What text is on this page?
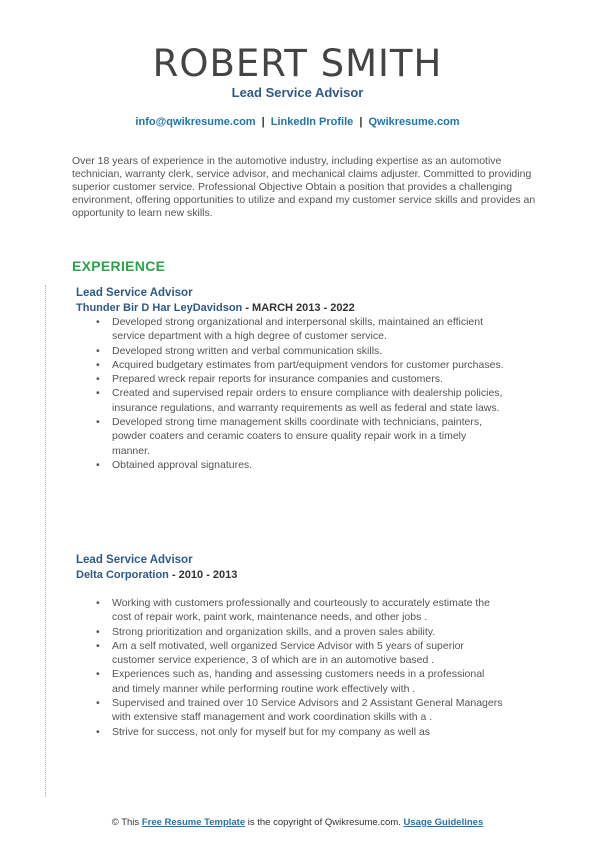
ROBERT SMITH
Lead Service Advisor
info@qwikresume.com | LinkedIn Profile | Qwikresume.com
Over 18 years of experience in the automotive industry, including expertise as an automotive technician, warranty clerk, service advisor, and mechanical claims adjuster. Committed to providing superior customer service. Professional Objective Obtain a position that provides a challenging environment, offering opportunities to utilize and expand my customer service skills and provides an opportunity to learn new skills.
EXPERIENCE
Lead Service Advisor
Thunder Bir D Har LeyDavidson - MARCH 2013 - 2022
• Developed strong organizational and interpersonal skills, maintained an efficient service department with a high degree of customer service.
• Developed strong written and verbal communication skills.
• Acquired budgetary estimates from part/equipment vendors for customer purchases.
• Prepared wreck repair reports for insurance companies and customers.
• Created and supervised repair orders to ensure compliance with dealership policies, insurance regulations, and warranty requirements as well as federal and state laws.
• Developed strong time management skills coordinate with technicians, painters, powder coaters and ceramic coaters to ensure quality repair work in a timely manner.
• Obtained approval signatures.
Lead Service Advisor
Delta Corporation - 2010 - 2013
• Working with customers professionally and courteously to accurately estimate the cost of repair work, paint work, maintenance needs, and other jobs .
• Strong prioritization and organization skills, and a proven sales ability.
• Am a self motivated, well organized Service Advisor with 5 years of superior customer service experience, 3 of which are in an automotive based .
• Experiences such as, handing and assessing customers needs in a professional and timely manner while performing routine work effectively with .
• Supervised and trained over 10 Service Advisors and 2 Assistant General Managers with extensive staff management and work coordination skills with a .
• Strive for success, not only for myself but for my company as well as
© This Free Resume Template is the copyright of Qwikresume.com. Usage Guidelines
